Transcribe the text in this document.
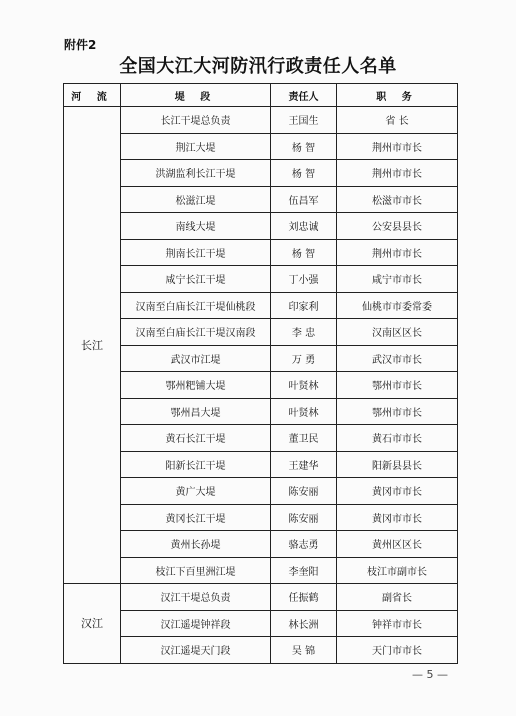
附件2
全国大江大河防汛行政责任人名单
河 流	堤 段	责任人	职 务
长江	长江干堤总负责	王国生	省 长
	荆江大堤	杨 智	荆州市市长
	洪湖监利长江干堤	杨 智	荆州市市长
	松滋江堤	伍昌军	松滋市市长
	南线大堤	刘忠诚	公安县县长
	荆南长江干堤	杨 智	荆州市市长
	咸宁长江干堤	丁小强	咸宁市市长
	汉南至白庙长江干堤仙桃段	印家利	仙桃市市委常委
	汉南至白庙长江干堤汉南段	李 忠	汉南区区长
	武汉市江堤	万 勇	武汉市市长
	鄂州粑铺大堤	叶贤林	鄂州市市长
	鄂州昌大堤	叶贤林	鄂州市市长
	黄石长江干堤	董卫民	黄石市市长
	阳新长江干堤	王建华	阳新县县长
	黄广大堤	陈安丽	黄冈市市长
	黄冈长江干堤	陈安丽	黄冈市市长
	黄州长孙堤	骆志勇	黄州区区长
	枝江下百里洲江堤	李奎阳	枝江市副市长
汉江	汉江干堤总负责	任振鹤	副省长
	汉江遥堤钟祥段	林长洲	钟祥市市长
	汉江遥堤天门段	吴 锦	天门市市长
— 5 —
